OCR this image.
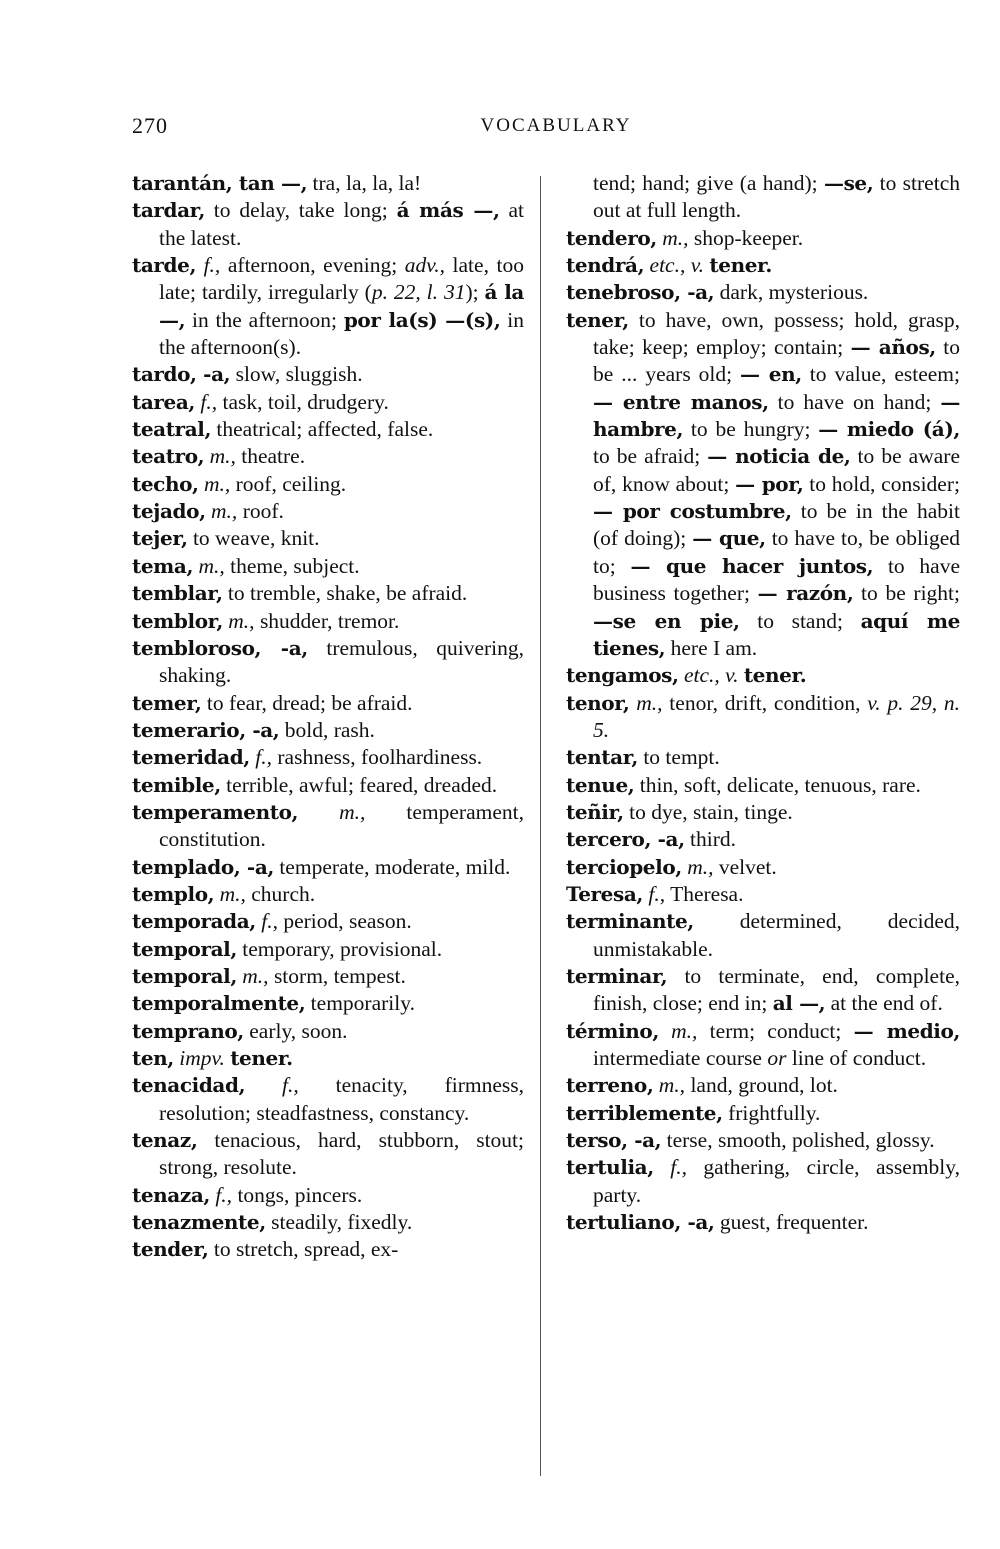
270	VOCABULARY

tarantán, tan —, tra, la, la, la!

tardar, to delay, take long; á más —, at the latest.

tarde, f., afternoon, evening; adv., late, too late; tardily, irregularly (p. 22, l. 31); á la —, in the afternoon; por la(s) —(s), in the afternoon(s).

tardo, -a, slow, sluggish.

tarea, f., task, toil, drudgery.

teatral, theatrical; affected, false.

teatro, m., theatre.

techo, m., roof, ceiling.

tejado, m., roof.

tejer, to weave, knit.

tema, m., theme, subject.

temblar, to tremble, shake, be afraid.

temblor, m., shudder, tremor.

tembloroso, -a, tremulous, quivering, shaking.

temer, to fear, dread; be afraid.

temerario, -a, bold, rash.

temeridad, f., rashness, foolhardiness.

temible, terrible, awful; feared, dreaded.

temperamento, m., temperament, constitution.

templado, -a, temperate, moderate, mild.

templo, m., church.

temporada, f., period, season.

temporal, temporary, provisional.

temporal, m., storm, tempest.

temporalmente, temporarily.

temprano, early, soon.

ten, impv. tener.

tenacidad, f., tenacity, firmness, resolution; steadfastness, constancy.

tenaz, tenacious, hard, stubborn, stout; strong, resolute.

tenaza, f., tongs, pincers.

tenazmente, steadily, fixedly.

tender, to stretch, spread, ex-

tend; hand; give (a hand); —se, to stretch out at full length.

tendero, m., shop-keeper.

tendrá, etc., v. tener.

tenebroso, -a, dark, mysterious.

tener, to have, own, possess; hold, grasp, take; keep; employ; contain; — años, to be ... years old; — en, to value, esteem; — entre manos, to have on hand; — hambre, to be hungry; — miedo (á), to be afraid; — noticia de, to be aware of, know about; — por, to hold, consider; — por costumbre, to be in the habit (of doing); — que, to have to, be obliged to; — que hacer juntos, to have business together; — razón, to be right; —se en pie, to stand; aquí me tienes, here I am.

tengamos, etc., v. tener.

tenor, m., tenor, drift, condition, v. p. 29, n. 5.

tentar, to tempt.

tenue, thin, soft, delicate, tenuous, rare.

teñir, to dye, stain, tinge.

tercero, -a, third.

terciopelo, m., velvet.

Teresa, f., Theresa.

terminante, determined, decided, unmistakable.

terminar, to terminate, end, complete, finish, close; end in; al —, at the end of.

término, m., term; conduct; — medio, intermediate course or line of conduct.

terreno, m., land, ground, lot.

terriblemente, frightfully.

terso, -a, terse, smooth, polished, glossy.

tertulia, f., gathering, circle, assembly, party.

tertuliano, -a, guest, frequenter.
